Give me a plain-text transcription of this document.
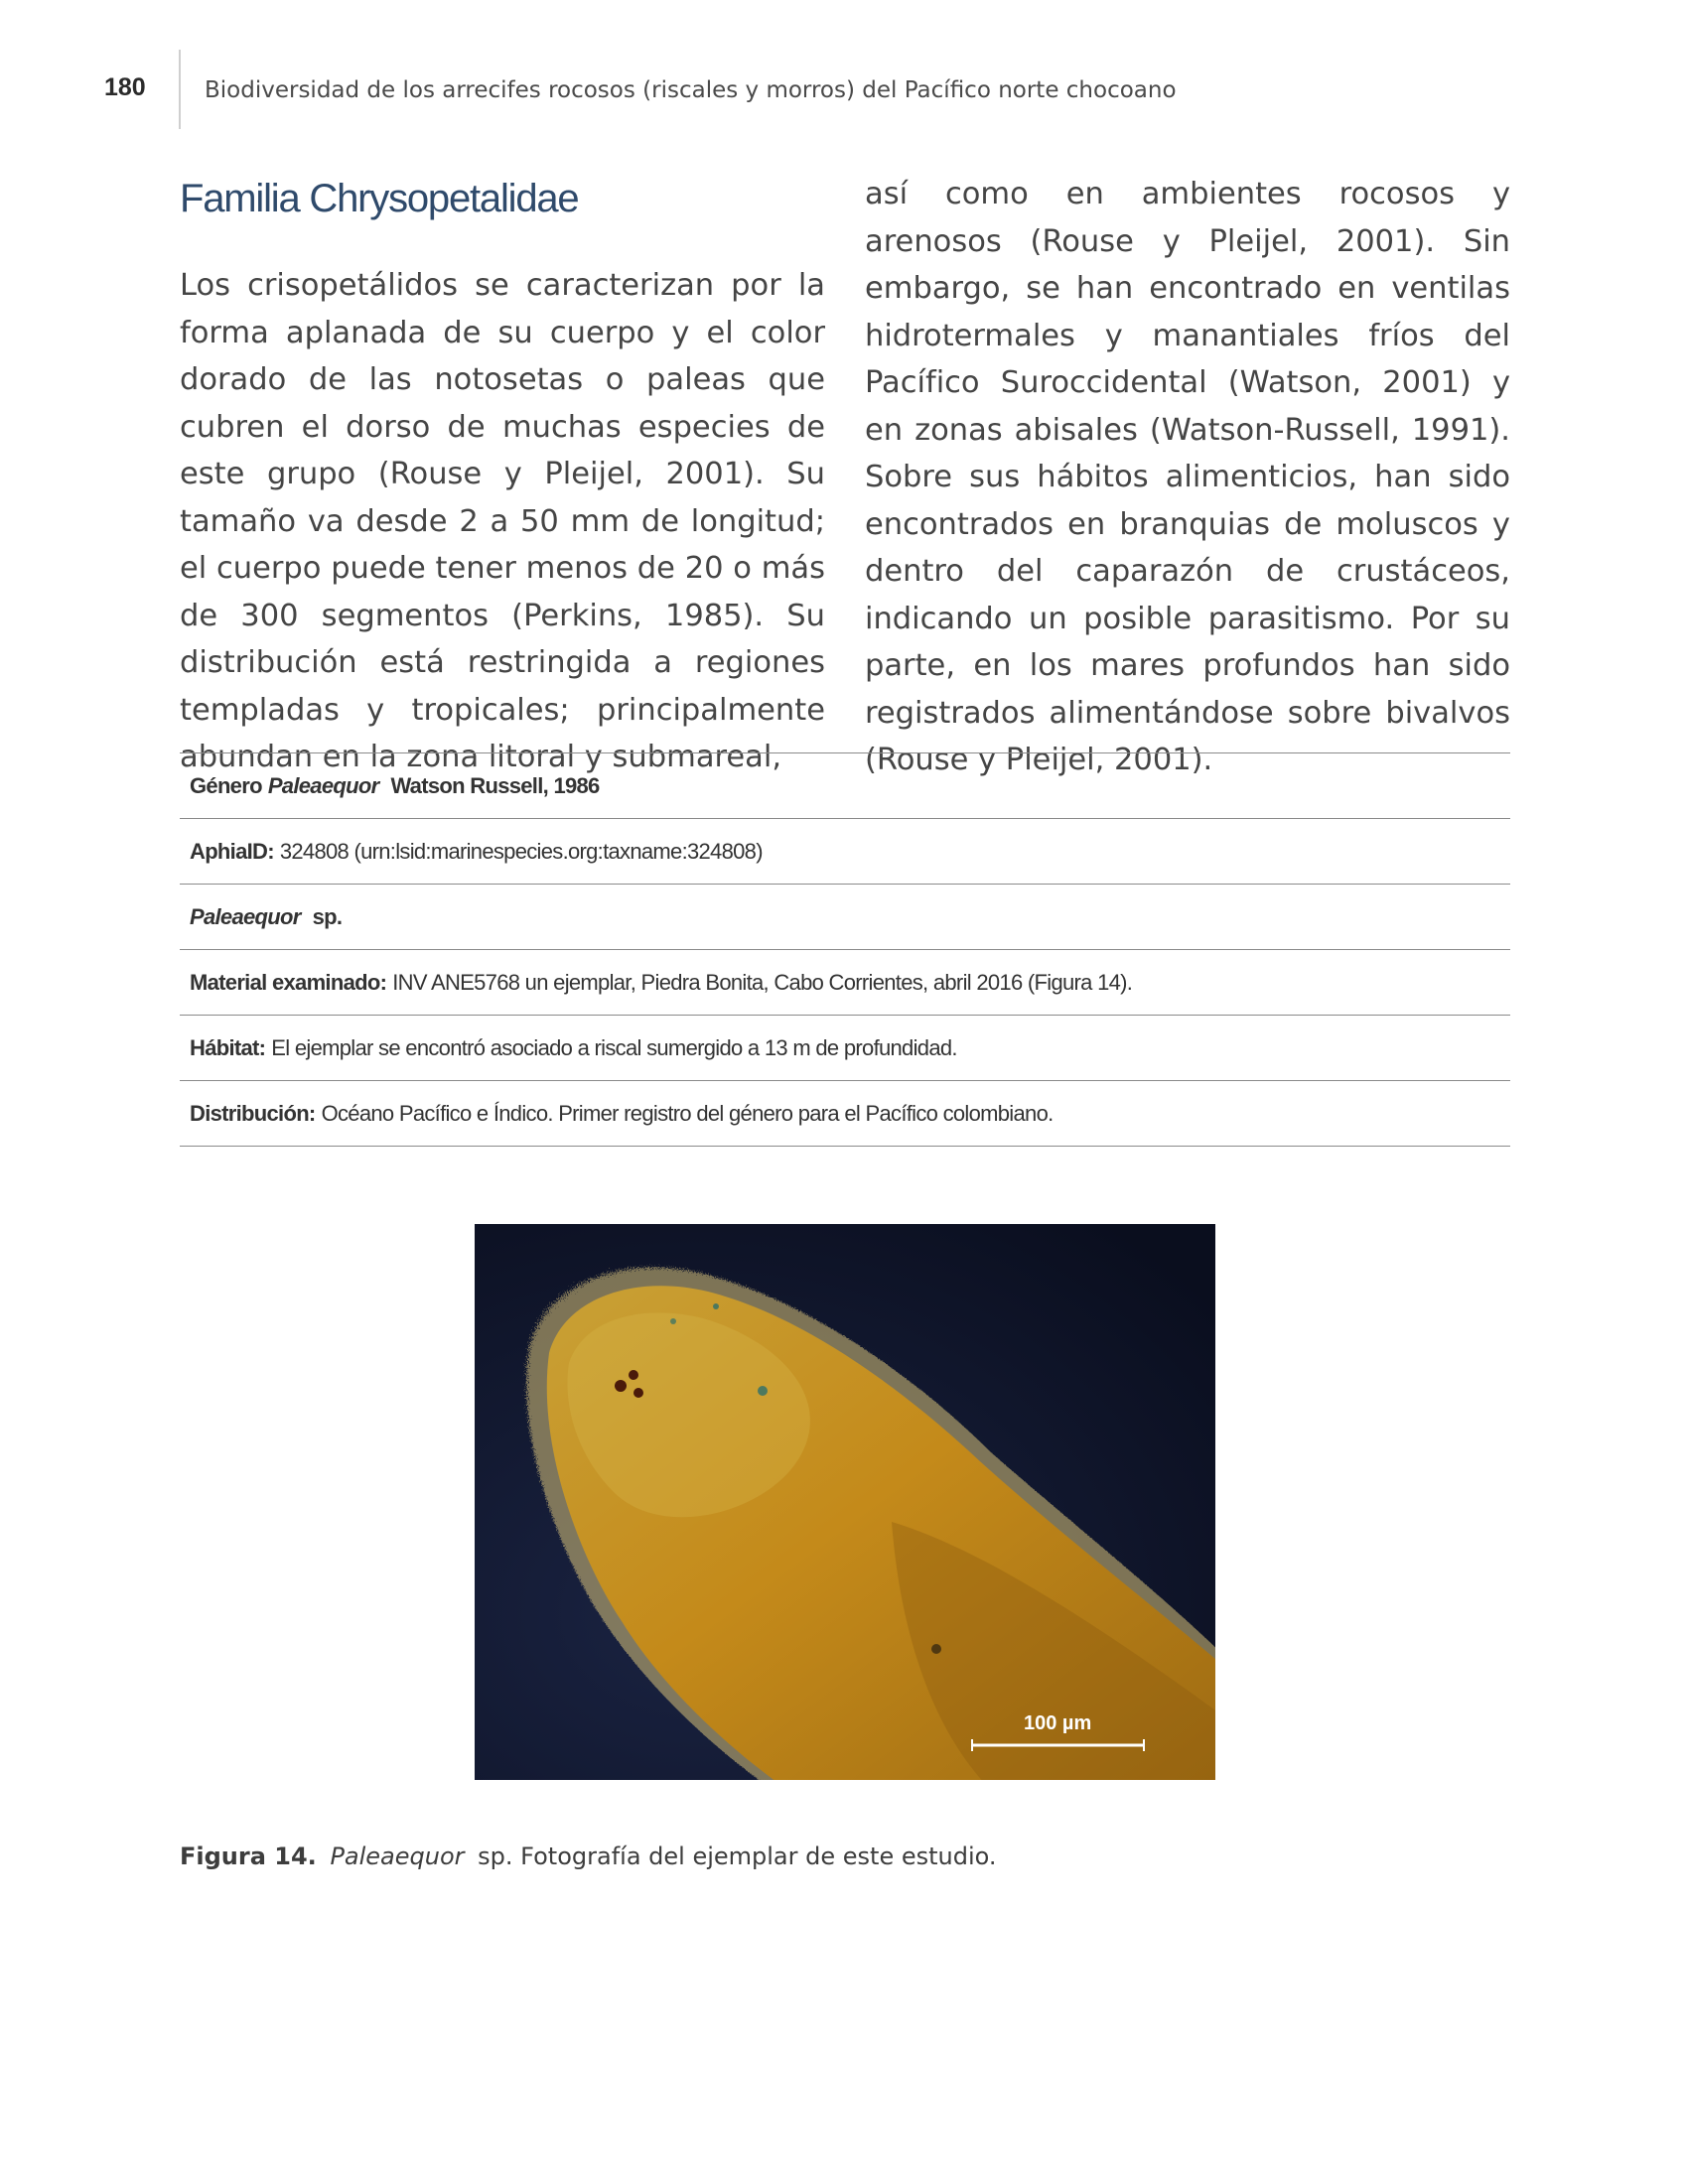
180	Biodiversidad de los arrecifes rocosos (riscales y morros) del Pacífico norte chocoano
Familia Chrysopetalidae

Los crisopetálidos se caracterizan por la forma aplanada de su cuerpo y el color dorado de las notosetas o paleas que cubren el dorso de muchas especies de este grupo (Rouse y Pleijel, 2001). Su tamaño va desde 2 a 50 mm de longitud; el cuerpo puede tener menos de 20 o más de 300 segmentos (Perkins, 1985). Su distribución está restringida a regiones templadas y tropicales; principalmente abundan en la zona litoral y submareal,

así como en ambientes rocosos y arenosos (Rouse y Pleijel, 2001). Sin embargo, se han encontrado en ventilas hidrotermales y manantiales fríos del Pacífico Suroccidental (Watson, 2001) y en zonas abisales (Watson-Russell, 1991). Sobre sus hábitos alimenticios, han sido encontrados en branquias de moluscos y dentro del caparazón de crustáceos, indicando un posible parasitismo. Por su parte, en los mares profundos han sido registrados alimentándose sobre bivalvos (Rouse y Pleijel, 2001).

Género Paleaequor Watson Russell, 1986
AphiaID: 324808 (urn:lsid:marinespecies.org:taxname:324808)
Paleaequor sp.
Material examinado: INV ANE5768 un ejemplar, Piedra Bonita, Cabo Corrientes, abril 2016 (Figura 14).
Hábitat: El ejemplar se encontró asociado a riscal sumergido a 13 m de profundidad.
Distribución: Océano Pacífico e Índico. Primer registro del género para el Pacífico colombiano.
100 µm
Figura 14. Paleaequor sp. Fotografía del ejemplar de este estudio.
